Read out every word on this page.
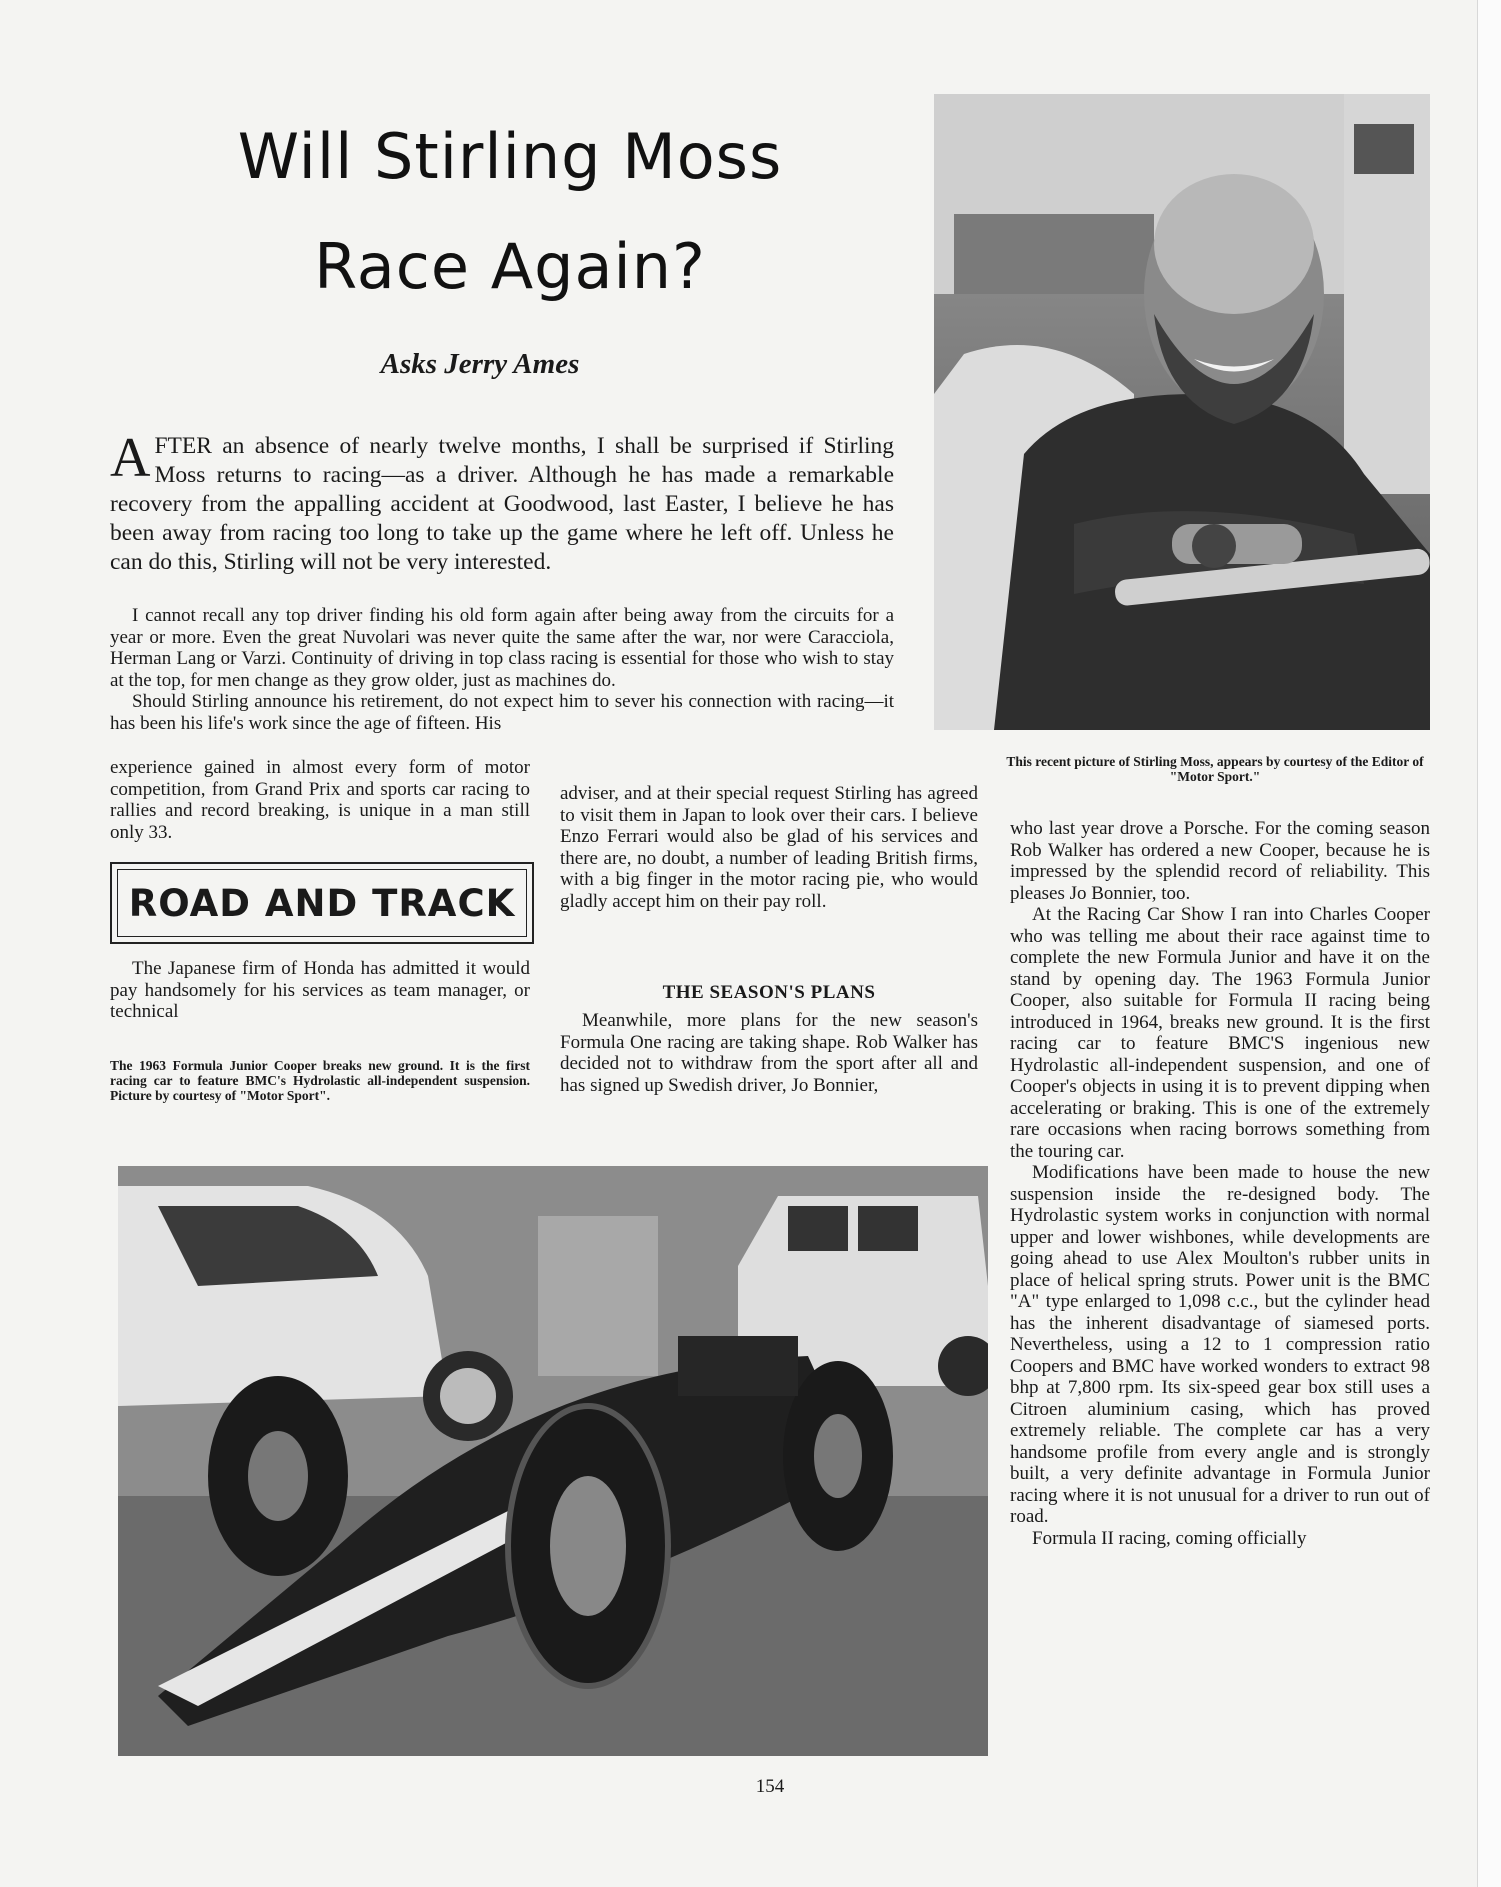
Will Stirling Moss
Race Again?
Asks Jerry Ames

AFTER an absence of nearly twelve months, I shall be surprised if Stirling Moss returns to racing—as a driver. Although he has made a remarkable recovery from the appalling accident at Goodwood, last Easter, I believe he has been away from racing too long to take up the game where he left off. Unless he can do this, Stirling will not be very interested.

I cannot recall any top driver finding his old form again after being away from the circuits for a year or more. Even the great Nuvolari was never quite the same after the war, nor were Caracciola, Herman Lang or Varzi. Continuity of driving in top class racing is essential for those who wish to stay at the top, for men change as they grow older, just as machines do.

Should Stirling announce his retirement, do not expect him to sever his connection with racing—it has been his life's work since the age of fifteen. His

experience gained in almost every form of motor competition, from Grand Prix and sports car racing to rallies and record breaking, is unique in a man still only 33.

ROAD AND TRACK

The Japanese firm of Honda has admitted it would pay handsomely for his services as team manager, or technical

The 1963 Formula Junior Cooper breaks new ground. It is the first racing car to feature BMC's Hydrolastic all-independent suspension. Picture by courtesy of "Motor Sport".

adviser, and at their special request Stirling has agreed to visit them in Japan to look over their cars. I believe Enzo Ferrari would also be glad of his services and there are, no doubt, a number of leading British firms, with a big finger in the motor racing pie, who would gladly accept him on their pay roll.

THE SEASON'S PLANS

Meanwhile, more plans for the new season's Formula One racing are taking shape. Rob Walker has decided not to withdraw from the sport after all and has signed up Swedish driver, Jo Bonnier,

This recent picture of Stirling Moss, appears by courtesy of the Editor of "Motor Sport."

who last year drove a Porsche. For the coming season Rob Walker has ordered a new Cooper, because he is impressed by the splendid record of reliability. This pleases Jo Bonnier, too.

At the Racing Car Show I ran into Charles Cooper who was telling me about their race against time to complete the new Formula Junior and have it on the stand by opening day. The 1963 Formula Junior Cooper, also suitable for Formula II racing being introduced in 1964, breaks new ground. It is the first racing car to feature BMC'S ingenious new Hydrolastic all-independent suspension, and one of Cooper's objects in using it is to prevent dipping when accelerating or braking. This is one of the extremely rare occasions when racing borrows something from the touring car.

Modifications have been made to house the new suspension inside the re-designed body. The Hydrolastic system works in conjunction with normal upper and lower wishbones, while developments are going ahead to use Alex Moulton's rubber units in place of helical spring struts. Power unit is the BMC "A" type enlarged to 1,098 c.c., but the cylinder head has the inherent disadvantage of siamesed ports. Nevertheless, using a 12 to 1 compression ratio Coopers and BMC have worked wonders to extract 98 bhp at 7,800 rpm. Its six-speed gear box still uses a Citroen aluminium casing, which has proved extremely reliable. The complete car has a very handsome profile from every angle and is strongly built, a very definite advantage in Formula Junior racing where it is not unusual for a driver to run out of road.

Formula II racing, coming officially

154
